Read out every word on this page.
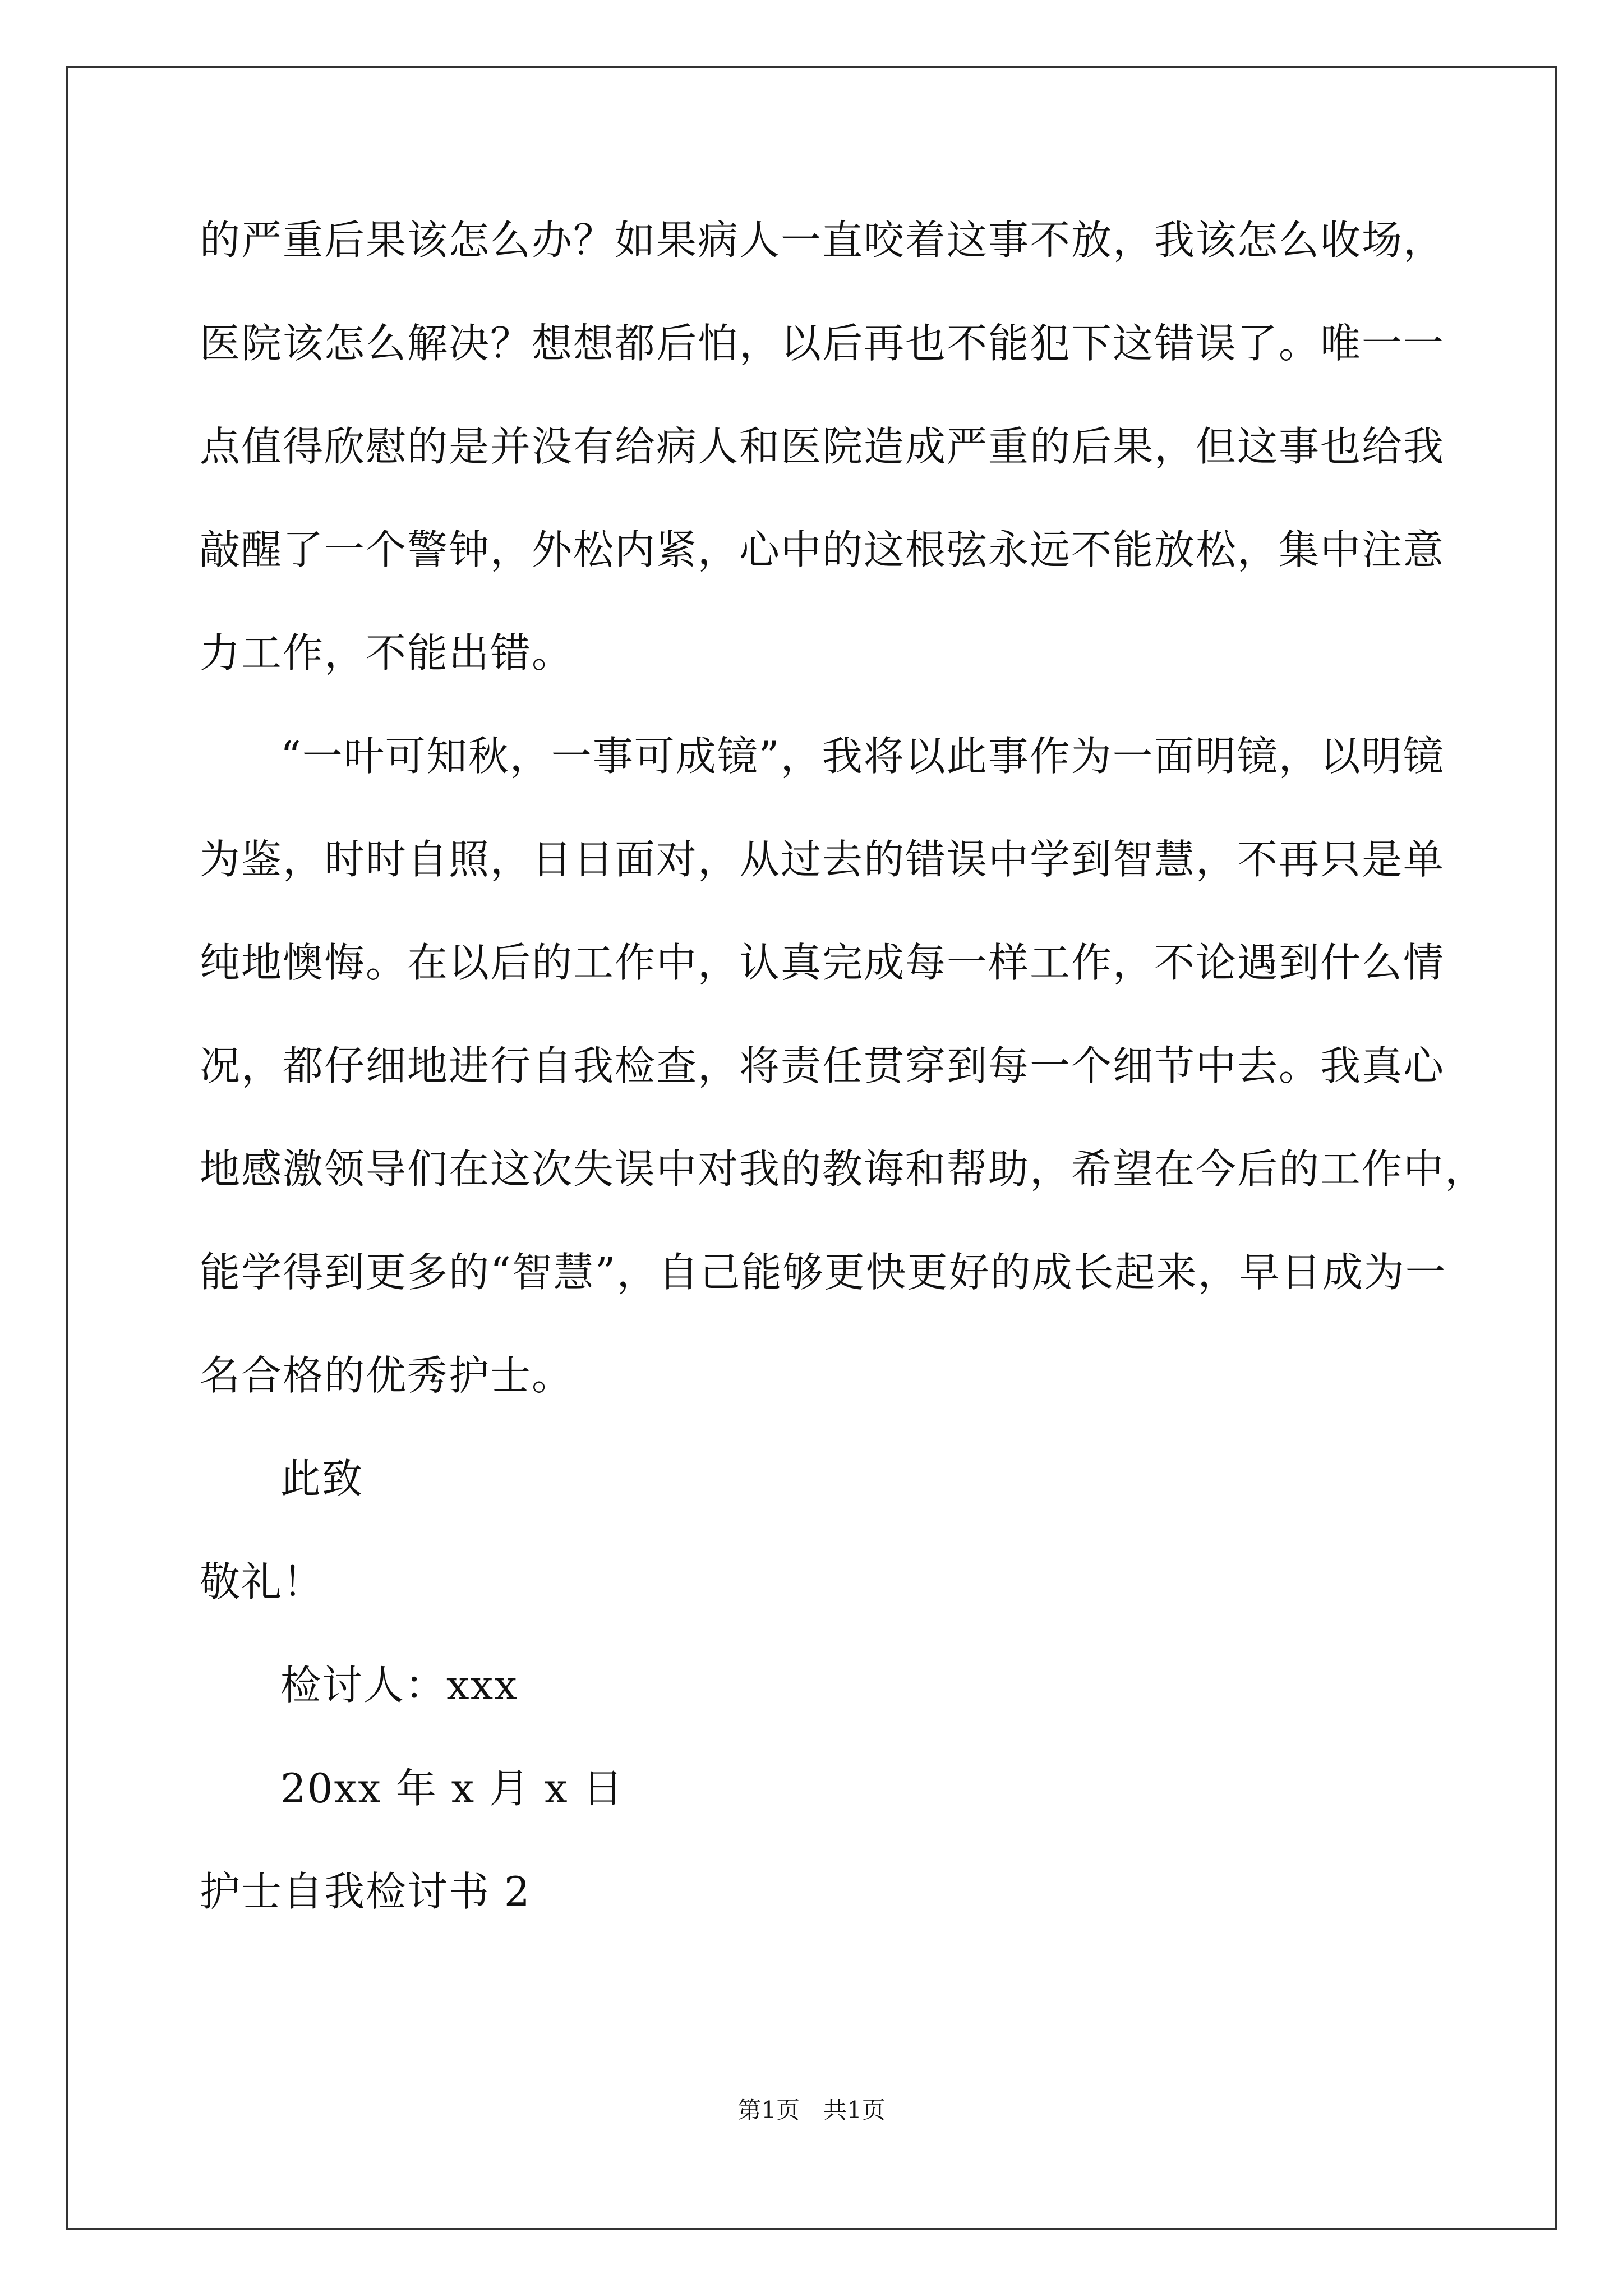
的严重后果该怎么办？如果病人一直咬着这事不放，我该怎么收场，

医院该怎么解决？想想都后怕，以后再也不能犯下这错误了。唯一一

点值得欣慰的是并没有给病人和医院造成严重的后果，但这事也给我

敲醒了一个警钟，外松内紧，心中的这根弦永远不能放松，集中注意

力工作，不能出错。

“一叶可知秋，一事可成镜”，我将以此事作为一面明镜，以明镜

为鉴，时时自照，日日面对，从过去的错误中学到智慧，不再只是单

纯地懊悔。在以后的工作中，认真完成每一样工作，不论遇到什么情

况，都仔细地进行自我检查，将责任贯穿到每一个细节中去。我真心

地感激领导们在这次失误中对我的教诲和帮助，希望在今后的工作中，

能学得到更多的“智慧”，自己能够更快更好的成长起来，早日成为一

名合格的优秀护士。

此致

敬礼！

检讨人：xxx

20xx 年 x 月 x 日

护士自我检讨书 2

第1页　共1页
